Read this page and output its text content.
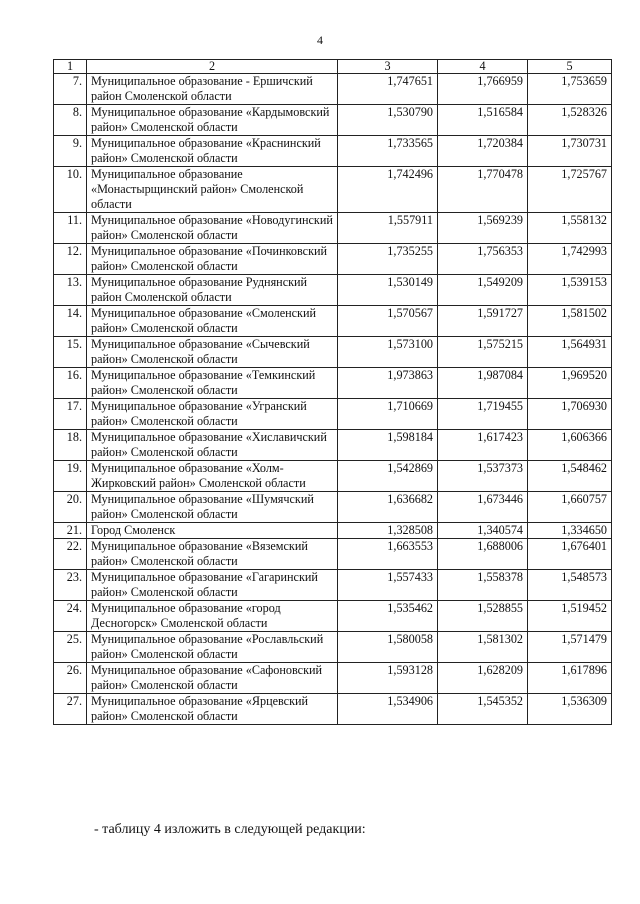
4
1	2	3	4	5
7.	Муниципальное образование - Ершичский район Смоленской области	1,747651	1,766959	1,753659
8.	Муниципальное образование «Кардымовский район» Смоленской области	1,530790	1,516584	1,528326
9.	Муниципальное образование «Краснинский район» Смоленской области	1,733565	1,720384	1,730731
10.	Муниципальное образование «Монастырщинский район» Смоленской области	1,742496	1,770478	1,725767
11.	Муниципальное образование «Новодугинский район» Смоленской области	1,557911	1,569239	1,558132
12.	Муниципальное образование «Починковский район» Смоленской области	1,735255	1,756353	1,742993
13.	Муниципальное образование Руднянский район Смоленской области	1,530149	1,549209	1,539153
14.	Муниципальное образование «Смоленский район» Смоленской области	1,570567	1,591727	1,581502
15.	Муниципальное образование «Сычевский район» Смоленской области	1,573100	1,575215	1,564931
16.	Муниципальное образование «Темкинский район» Смоленской области	1,973863	1,987084	1,969520
17.	Муниципальное образование «Угранский район» Смоленской области	1,710669	1,719455	1,706930
18.	Муниципальное образование «Хиславичский район» Смоленской области	1,598184	1,617423	1,606366
19.	Муниципальное образование «Холм-Жирковский район» Смоленской области	1,542869	1,537373	1,548462
20.	Муниципальное образование «Шумячский район» Смоленской области	1,636682	1,673446	1,660757
21.	Город Смоленск	1,328508	1,340574	1,334650
22.	Муниципальное образование «Вяземский район» Смоленской области	1,663553	1,688006	1,676401
23.	Муниципальное образование «Гагаринский район» Смоленской области	1,557433	1,558378	1,548573
24.	Муниципальное образование «город Десногорск» Смоленской области	1,535462	1,528855	1,519452
25.	Муниципальное образование «Рославльский район» Смоленской области	1,580058	1,581302	1,571479
26.	Муниципальное образование «Сафоновский район» Смоленской области	1,593128	1,628209	1,617896
27.	Муниципальное образование «Ярцевский район» Смоленской области	1,534906	1,545352	1,536309
- таблицу 4 изложить в следующей редакции:
